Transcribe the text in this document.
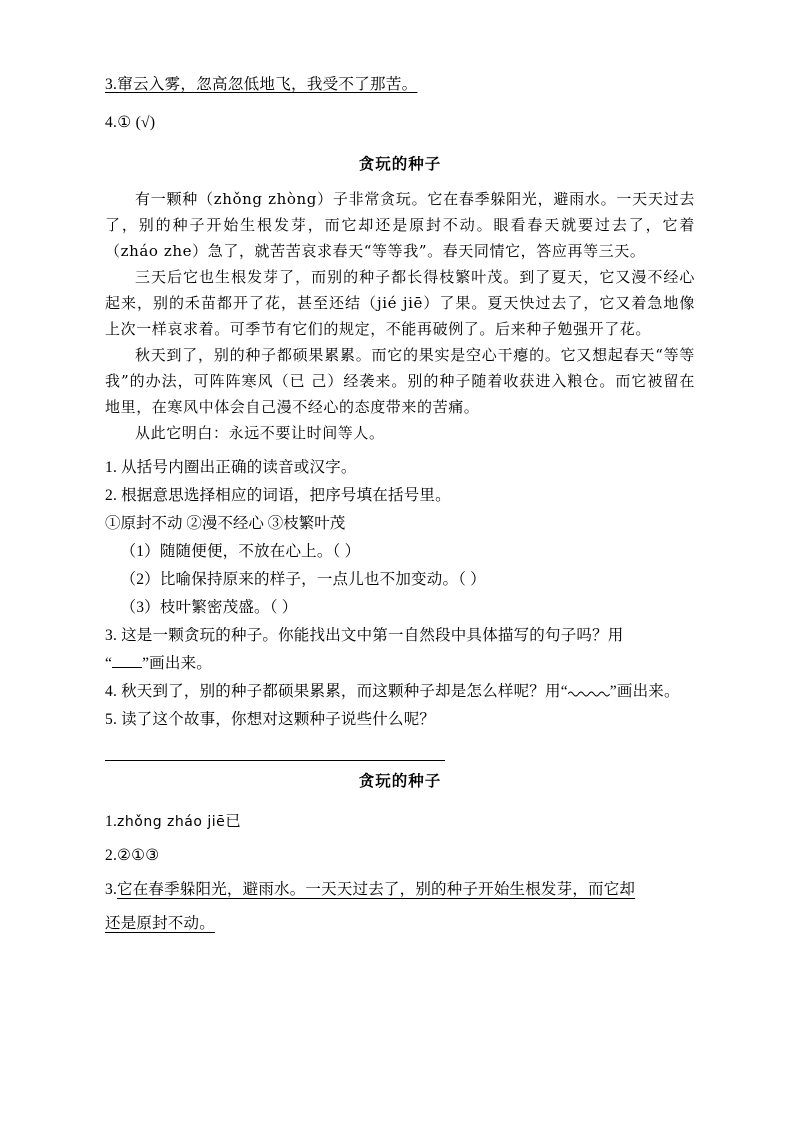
3.窜云入雾，忽高忽低地飞，我受不了那苦。
4.① (√)
贪玩的种子

有一颗种（zhǒng zhòng）子非常贪玩。它在春季躲阳光，避雨水。一天天过去了，别的种子开始生根发芽，而它却还是原封不动。眼看春天就要过去了，它着（zháo zhe）急了，就苦苦哀求春天“等等我”。春天同情它，答应再等三天。

三天后它也生根发芽了，而别的种子都长得枝繁叶茂。到了夏天，它又漫不经心起来，别的禾苗都开了花，甚至还结（jié jiē）了果。夏天快过去了，它又着急地像上次一样哀求着。可季节有它们的规定，不能再破例了。后来种子勉强开了花。

秋天到了，别的种子都硕果累累。而它的果实是空心干瘪的。它又想起春天“等等我”的办法，可阵阵寒风（已 己）经袭来。别的种子随着收获进入粮仓。而它被留在地里，在寒风中体会自己漫不经心的态度带来的苦痛。

从此它明白：永远不要让时间等人。

1. 从括号内圈出正确的读音或汉字。
2. 根据意思选择相应的词语，把序号填在括号里。
①原封不动 ②漫不经心 ③枝繁叶茂
（1）随随便便，不放在心上。（ ）
（2）比喻保持原来的样子，一点儿也不加变动。（ ）
（3）枝叶繁密茂盛。（ ）
3. 这是一颗贪玩的种子。你能找出文中第一自然段中具体描写的句子吗？用
“ ”画出来。
4. 秋天到了，别的种子都硕果累累，而这颗种子却是怎么样呢？用“	”画出来。
5. 读了这个故事，你想对这颗种子说些什么呢？
贪玩的种子
1.zhǒng zháo jiē已
2.②①③
3.它在春季躲阳光，避雨水。一天天过去了，别的种子开始生根发芽，而它却
还是原封不动。
